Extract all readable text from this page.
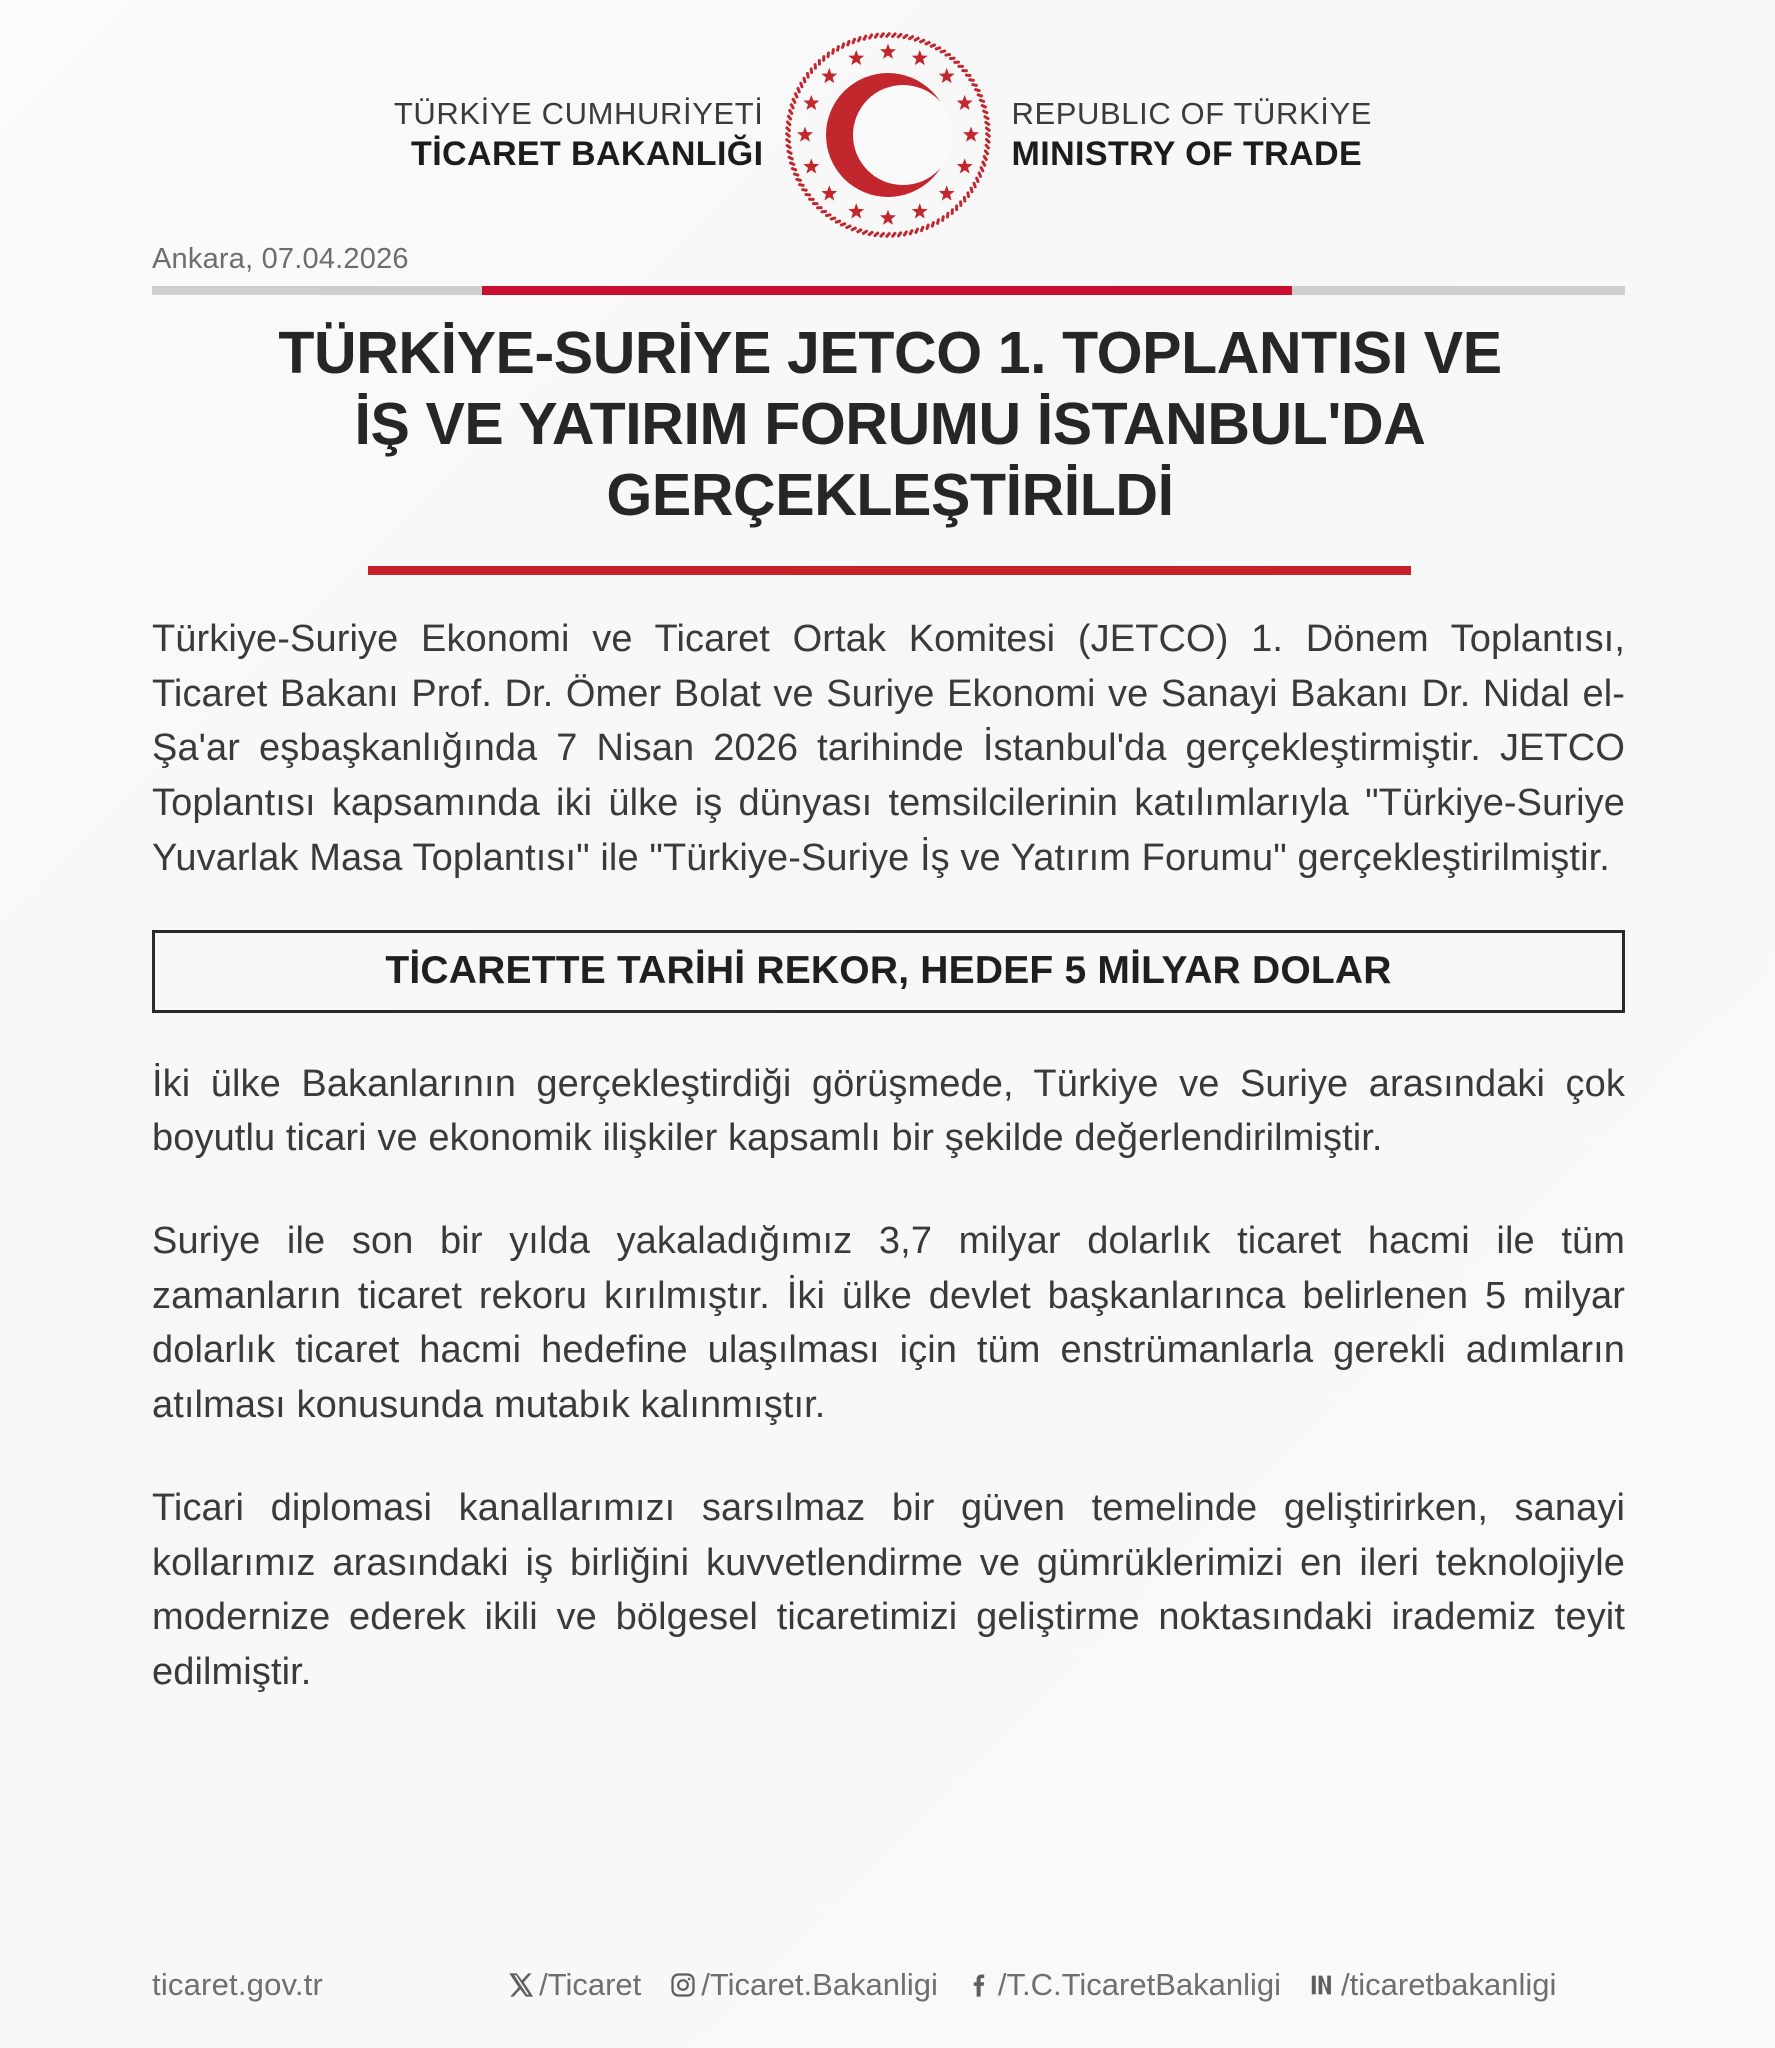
TÜRKİYE CUMHURİYETİ
TİCARET BAKANLIĞI
REPUBLIC OF TÜRKİYE
MINISTRY OF TRADE
Ankara, 07.04.2026
TÜRKİYE-SURİYE JETCO 1. TOPLANTISI VE
İŞ VE YATIRIM FORUMU İSTANBUL'DA
GERÇEKLEŞTİRİLDİ

Türkiye-Suriye Ekonomi ve Ticaret Ortak Komitesi (JETCO) 1. Dönem Toplantısı, Ticaret Bakanı Prof. Dr. Ömer Bolat ve Suriye Ekonomi ve Sanayi Bakanı Dr. Nidal el-Şa'ar eşbaşkanlığında 7 Nisan 2026 tarihinde İstanbul'da gerçekleştirmiştir. JETCO Toplantısı kapsamında iki ülke iş dünyası temsilcilerinin katılımlarıyla "Türkiye-Suriye Yuvarlak Masa Toplantısı" ile "Türkiye-Suriye İş ve Yatırım Forumu" gerçekleştirilmiştir.

TİCARETTE TARİHİ REKOR, HEDEF 5 MİLYAR DOLAR

İki ülke Bakanlarının gerçekleştirdiği görüşmede, Türkiye ve Suriye arasındaki çok boyutlu ticari ve ekonomik ilişkiler kapsamlı bir şekilde değerlendirilmiştir.

Suriye ile son bir yılda yakaladığımız 3,7 milyar dolarlık ticaret hacmi ile tüm zamanların ticaret rekoru kırılmıştır. İki ülke devlet başkanlarınca belirlenen 5 milyar dolarlık ticaret hacmi hedefine ulaşılması için tüm enstrümanlarla gerekli adımların atılması konusunda mutabık kalınmıştır.

Ticari diplomasi kanallarımızı sarsılmaz bir güven temelinde geliştirirken, sanayi kollarımız arasındaki iş birliğini kuvvetlendirme ve gümrüklerimizi en ileri teknolojiyle modernize ederek ikili ve bölgesel ticaretimizi geliştirme noktasındaki irademiz teyit edilmiştir.

ticaret.gov.tr	/Ticaret /Ticaret.Bakanligi /T.C.TicaretBakanligi /ticaretbakanligi
